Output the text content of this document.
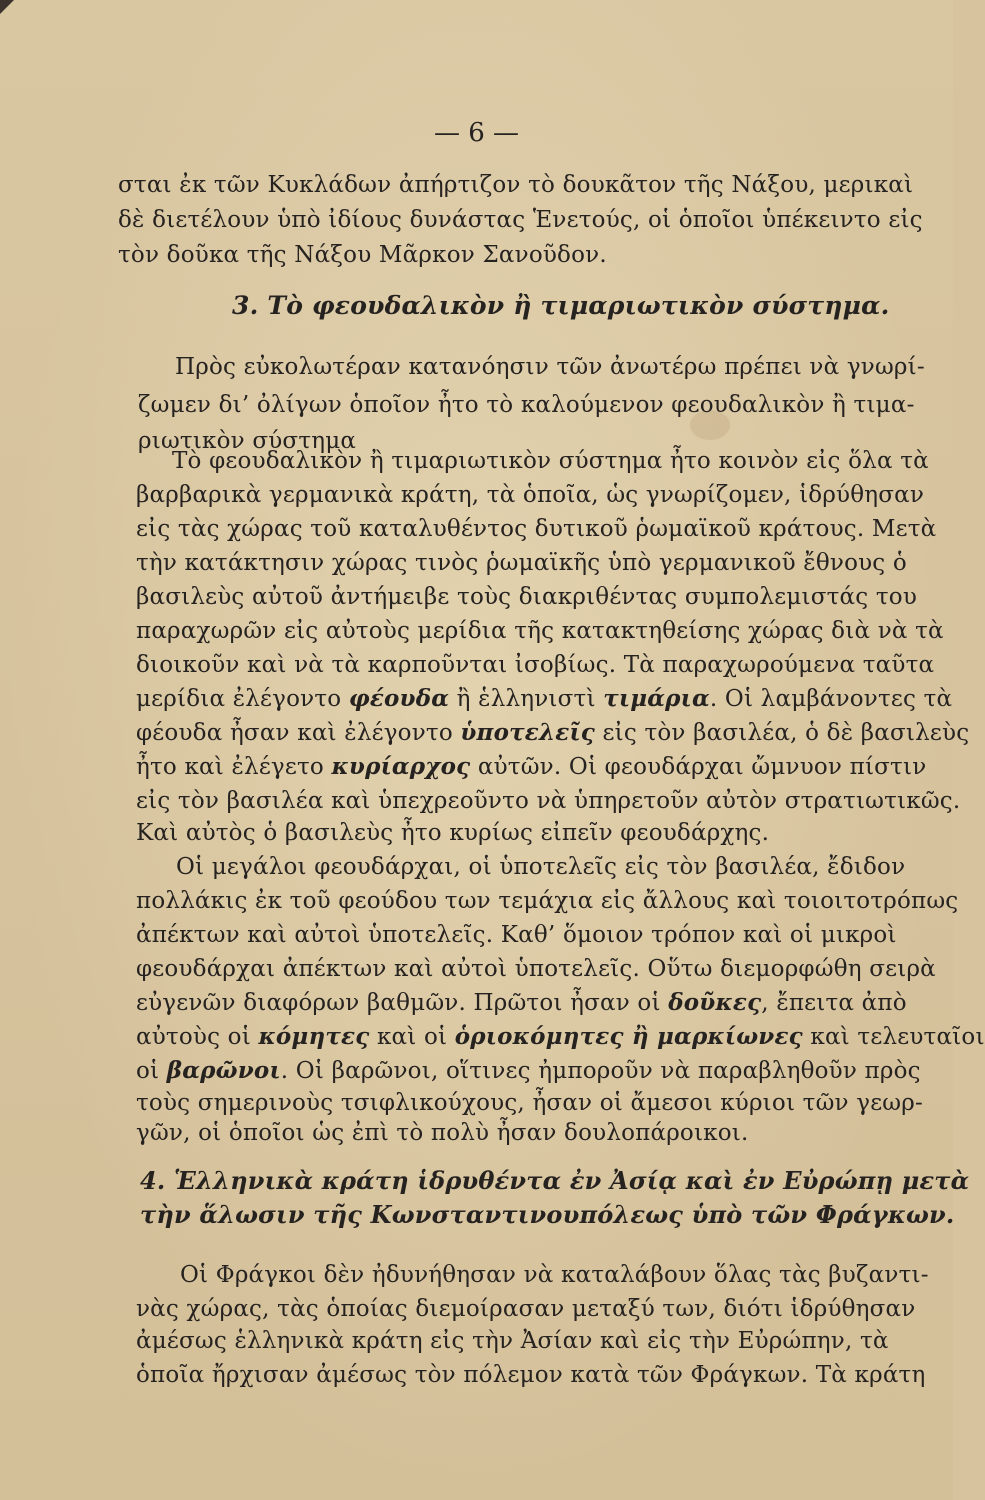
— 6 —

σται ἐκ τῶν Κυκλάδων ἀπήρτιζον τὸ δουκᾶτον τῆς Νάξου, μερικαὶ

δὲ διετέλουν ὑπὸ ἰδίους δυνάστας Ἑνετούς, οἱ ὁποῖοι ὑπέκειντο εἰς

τὸν δοῦκα τῆς Νάξου Μᾶρκον Σανοῦδον.

3. Τὸ φεουδαλικὸν ἢ τιμαριωτικὸν σύστημα.

Πρὸς εὐκολωτέραν κατανόησιν τῶν ἀνωτέρω πρέπει νὰ γνωρί-

ζωμεν δι’ ὀλίγων ὁποῖον ἦτο τὸ καλούμενον φεουδαλικὸν ἢ τιμα-

ριωτικὸν σύστημα

Τὸ φεουδαλικὸν ἢ τιμαριωτικὸν σύστημα ἦτο κοινὸν εἰς ὅλα τὰ

βαρβαρικὰ γερμανικὰ κράτη, τὰ ὁποῖα, ὡς γνωρίζομεν, ἱδρύθησαν

εἰς τὰς χώρας τοῦ καταλυθέντος δυτικοῦ ῥωμαϊκοῦ κράτους. Μετὰ

τὴν κατάκτησιν χώρας τινὸς ῥωμαϊκῆς ὑπὸ γερμανικοῦ ἔθνους ὁ

βασιλεὺς αὐτοῦ ἀντήμειβε τοὺς διακριθέντας συμπολεμιστάς του

παραχωρῶν εἰς αὐτοὺς μερίδια τῆς κατακτηθείσης χώρας διὰ νὰ τὰ

διοικοῦν καὶ νὰ τὰ καρποῦνται ἰσοβίως. Τὰ παραχωρούμενα ταῦτα

μερίδια ἐλέγοντο φέουδα ἢ ἑλληνιστὶ τιμάρια. Οἱ λαμβάνοντες τὰ

φέουδα ἦσαν καὶ ἐλέγοντο ὑποτελεῖς εἰς τὸν βασιλέα, ὁ δὲ βασιλεὺς

ἦτο καὶ ἐλέγετο κυρίαρχος αὐτῶν. Οἱ φεουδάρχαι ὤμνυον πίστιν

εἰς τὸν βασιλέα καὶ ὑπεχρεοῦντο νὰ ὑπηρετοῦν αὐτὸν στρατιωτικῶς.

Καὶ αὐτὸς ὁ βασιλεὺς ἦτο κυρίως εἰπεῖν φεουδάρχης.

Οἱ μεγάλοι φεουδάρχαι, οἱ ὑποτελεῖς εἰς τὸν βασιλέα, ἔδιδον

πολλάκις ἐκ τοῦ φεούδου των τεμάχια εἰς ἄλλους καὶ τοιοιτοτρόπως

ἀπέκτων καὶ αὐτοὶ ὑποτελεῖς. Καθ’ ὅμοιον τρόπον καὶ οἱ μικροὶ

φεουδάρχαι ἀπέκτων καὶ αὐτοὶ ὑποτελεῖς. Οὕτω διεμορφώθη σειρὰ

εὐγενῶν διαφόρων βαθμῶν. Πρῶτοι ἦσαν οἱ δοῦκες, ἔπειτα ἀπὸ

αὐτοὺς οἱ κόμητες καὶ οἱ ὁριοκόμητες ἢ μαρκίωνες καὶ τελευταῖοι

οἱ βαρῶνοι. Οἱ βαρῶνοι, οἵτινες ἠμποροῦν νὰ παραβληθοῦν πρὸς

τοὺς σημερινοὺς τσιφλικούχους, ἦσαν οἱ ἄμεσοι κύριοι τῶν γεωρ-

γῶν, οἱ ὁποῖοι ὡς ἐπὶ τὸ πολὺ ἦσαν δουλοπάροικοι.

4. Ἑλληνικὰ κράτη ἱδρυθέντα ἐν Ἀσίᾳ καὶ ἐν Εὐρώπῃ μετὰ

τὴν ἅλωσιν τῆς Κωνσταντινουπόλεως ὑπὸ τῶν Φράγκων.

Οἱ Φράγκοι δὲν ἠδυνήθησαν νὰ καταλάβουν ὅλας τὰς βυζαντι-

νὰς χώρας, τὰς ὁποίας διεμοίρασαν μεταξύ των, διότι ἱδρύθησαν

ἀμέσως ἑλληνικὰ κράτη εἰς τὴν Ἀσίαν καὶ εἰς τὴν Εὐρώπην, τὰ

ὁποῖα ἤρχισαν ἀμέσως τὸν πόλεμον κατὰ τῶν Φράγκων. Τὰ κράτη
